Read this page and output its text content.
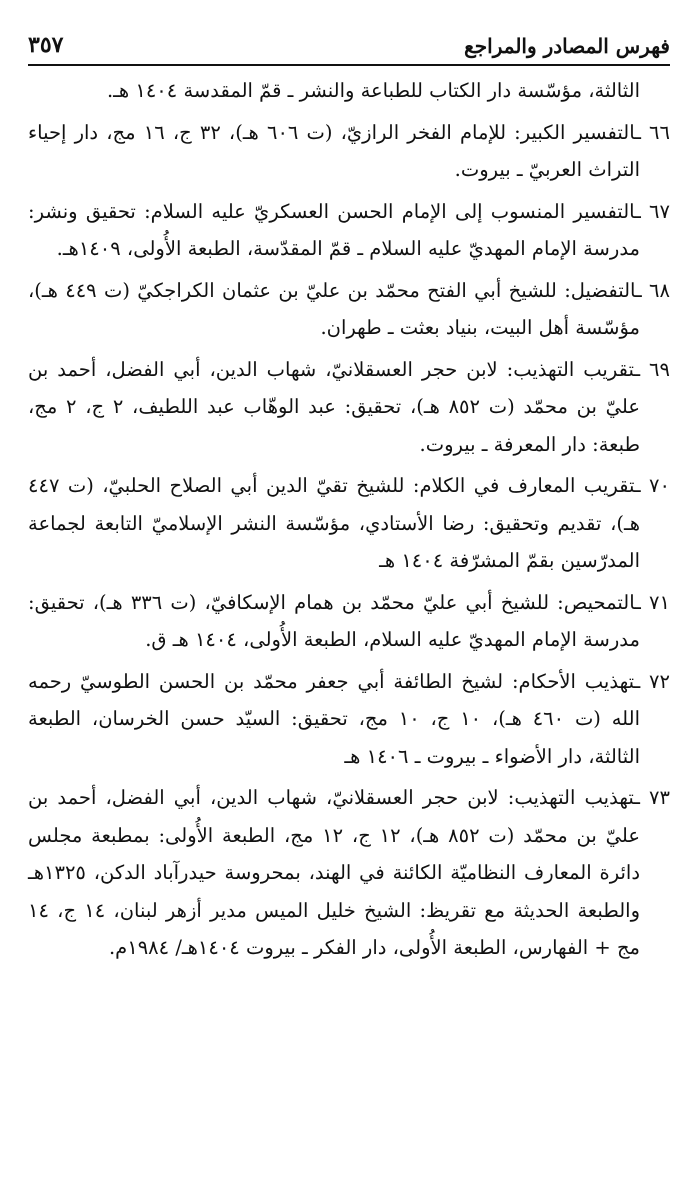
فهرس المصادر والمراجع
٣٥٧

الثالثة، مؤسّسة دار الكتاب للطباعة والنشر ـ قمّ المقدسة ١٤٠٤ هـ.

٦٦ ـالتفسير الكبير: للإمام الفخر الرازيّ، (ت ٦٠٦ هـ)، ٣٢ ج، ١٦ مج، دار إحياء التراث العربيّ ـ بيروت.

٦٧ ـالتفسير المنسوب إلى الإمام الحسن العسكريّ عليه السلام: تحقيق ونشر: مدرسة الإمام المهديّ عليه السلام ـ قمّ المقدّسة، الطبعة الأُولى، ١٤٠٩هـ.

٦٨ ـالتفضيل: للشيخ أبي الفتح محمّد بن عليّ بن عثمان الكراجكيّ (ت ٤٤٩ هـ)، مؤسّسة أهل البيت، بنياد بعثت ـ طهران.

٦٩ ـتقريب التهذيب: لابن حجر العسقلانيّ، شهاب الدين، أبي الفضل، أحمد بن عليّ بن محمّد (ت ٨٥٢ هـ)، تحقيق: عبد الوهّاب عبد اللطيف، ٢ ج، ٢ مج، طبعة: دار المعرفة ـ بيروت.

٧٠ ـتقريب المعارف في الكلام: للشيخ تقيّ الدين أبي الصلاح الحلبيّ، (ت ٤٤٧ هـ)، تقديم وتحقيق: رضا الأستادي، مؤسّسة النشر الإسلاميّ التابعة لجماعة المدرّسين بقمّ المشرّفة ١٤٠٤ هـ

٧١ ـالتمحيص: للشيخ أبي عليّ محمّد بن همام الإسكافيّ، (ت ٣٣٦ هـ)، تحقيق: مدرسة الإمام المهديّ عليه السلام، الطبعة الأُولى، ١٤٠٤ هـ ق.

٧٢ ـتهذيب الأحكام: لشيخ الطائفة أبي جعفر محمّد بن الحسن الطوسيّ رحمه الله (ت ٤٦٠ هـ)، ١٠ ج، ١٠ مج، تحقيق: السيّد حسن الخرسان، الطبعة الثالثة، دار الأضواء ـ بيروت ـ ١٤٠٦ هـ

٧٣ ـتهذيب التهذيب: لابن حجر العسقلانيّ، شهاب الدين، أبي الفضل، أحمد بن عليّ بن محمّد (ت ٨٥٢ هـ)، ١٢ ج، ١٢ مج، الطبعة الأُولى: بمطبعة مجلس دائرة المعارف النظاميّة الكائنة في الهند، بمحروسة حيدرآباد الدكن، ١٣٢٥هـ والطبعة الحديثة مع تقريظ: الشيخ خليل الميس مدير أزهر لبنان، ١٤ ج، ١٤ مج + الفهارس، الطبعة الأُولى، دار الفكر ـ بيروت ١٤٠٤هـ/ ١٩٨٤م.
